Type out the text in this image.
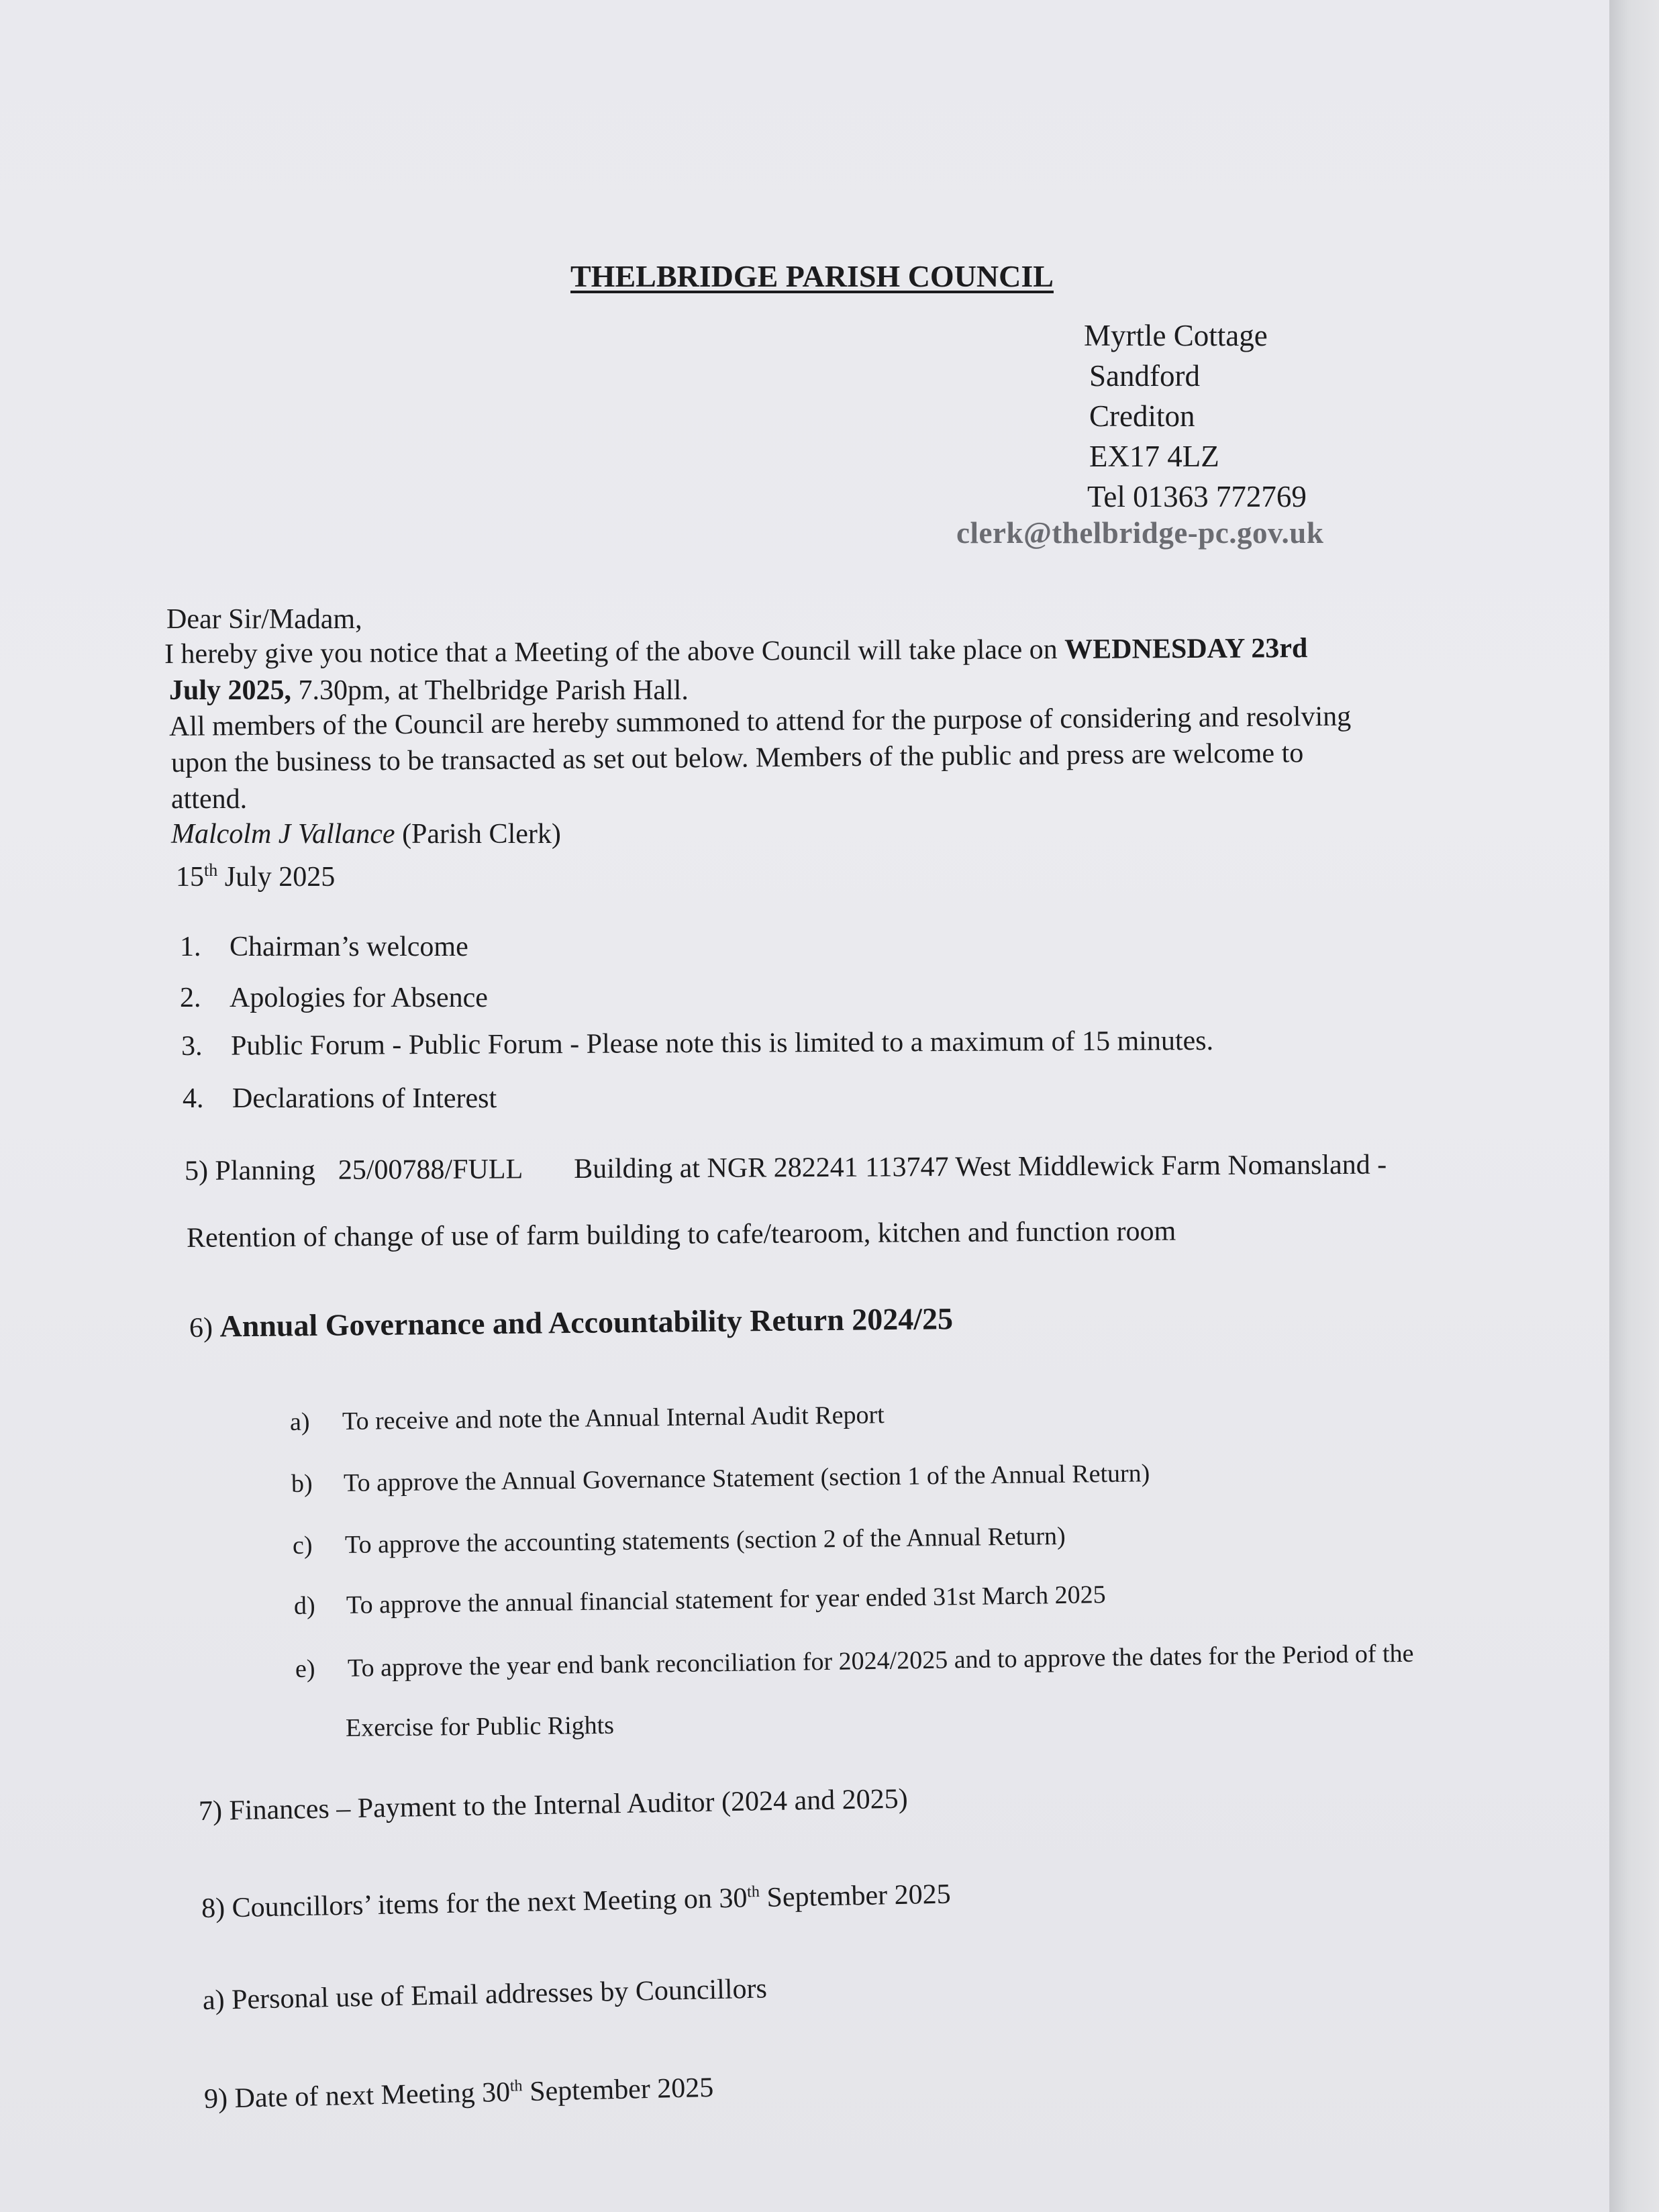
THELBRIDGE PARISH COUNCIL
Myrtle Cottage
Sandford
Crediton
EX17 4LZ
Tel 01363 772769
clerk@thelbridge-pc.gov.uk
Dear Sir/Madam,
I hereby give you notice that a Meeting of the above Council will take place on WEDNESDAY 23rd
July 2025, 7.30pm, at Thelbridge Parish Hall.
All members of the Council are hereby summoned to attend for the purpose of considering and resolving
upon the business to be transacted as set out below. Members of the public and press are welcome to
attend.
Malcolm J Vallance (Parish Clerk)
15th July 2025
1. Chairman’s welcome
2. Apologies for Absence
3. Public Forum - Public Forum - Please note this is limited to a maximum of 15 minutes.
4. Declarations of Interest
5) Planning 25/00788/FULL Building at NGR 282241 113747 West Middlewick Farm Nomansland -
Retention of change of use of farm building to cafe/tearoom, kitchen and function room
6) Annual Governance and Accountability Return 2024/25
a) To receive and note the Annual Internal Audit Report
b) To approve the Annual Governance Statement (section 1 of the Annual Return)
c) To approve the accounting statements (section 2 of the Annual Return)
d) To approve the annual financial statement for year ended 31st March 2025
e) To approve the year end bank reconciliation for 2024/2025 and to approve the dates for the Period of the
Exercise for Public Rights
7) Finances – Payment to the Internal Auditor (2024 and 2025)
8) Councillors’ items for the next Meeting on 30th September 2025
a) Personal use of Email addresses by Councillors
9) Date of next Meeting 30th September 2025
